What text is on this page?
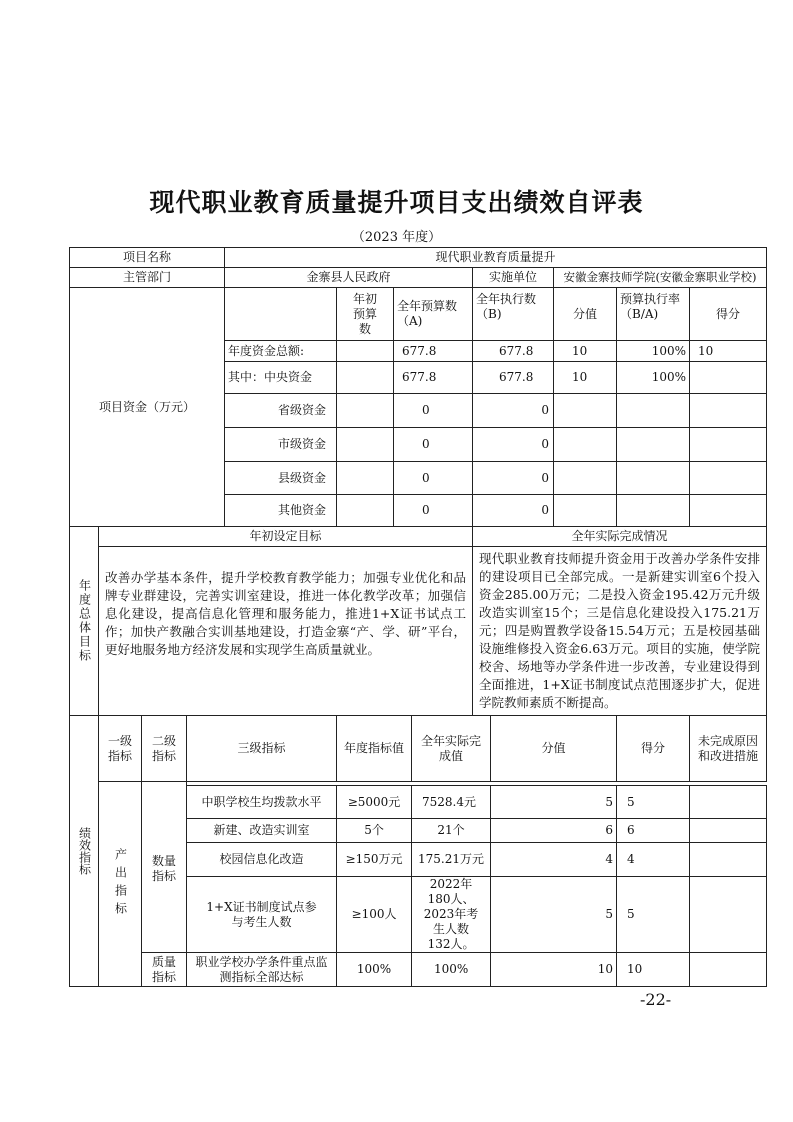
现代职业教育质量提升项目支出绩效自评表
（2023 年度）
项目名称				现代职业教育质量提升								
主管部门				金寨县人民政府				实施单位		安徽金寨技师学院(安徽金寨职业学校)		
项目资金（万元）					年初预算数	全年预算数（A)		全年执行数（B)		分值	预算执行率（B/A)	得分
				年度资金总额:		677.8		677.8		10	100%	10
				其中：中央资金		677.8		677.8		10	100%	
				省级资金		0		0				
				市级资金		0		0				
				县级资金		0		0				
				其他资金		0		0				

年度总体目标	年初设定目标							全年实际完成情况				
	改善办学基本条件，提升学校教育教学能力；加强专业优化和品牌专业群建设，完善实训室建设，推进一体化教学改革；加强信息化建设，提高信息化管理和服务能力，推进1+X证书试点工作；加快产教融合实训基地建设，打造金寨“产、学、研”平台，更好地服务地方经济发展和实现学生高质量就业。							现代职业教育技师提升资金用于改善办学条件安排的建设项目已全部完成。一是新建实训室6个投入资金285.00万元；二是投入资金195.42万元升级改造实训室15个；三是信息化建设投入175.21万元；四是购置教学设备15.54万元；五是校园基础设施维修投入资金6.63万元。项目的实施，使学院校舍、场地等办学条件进一步改善，专业建设得到全面推进，1+X证书制度试点范围逐步扩大，促进学院教师素质不断提高。				

绩效指标	一级指标	二级指标	三级指标		年度指标值		全年实际完成值		分值		得分	未完成原因和改进措施

	产出指标											

		数量指标	中职学校生均拨款水平		≥5000元		7528.4元		5		5	
			新建、改造实训室		5个		21个		6		6	
			校园信息化改造		≥150万元		175.21万元		4		4	
			1+X证书制度试点参与考生人数		≥100人		2022年180人、2023年考生人数132人。		5		5	
		质量指标	职业学校办学条件重点监测指标全部达标		100%		100%		10		10	
-22-
